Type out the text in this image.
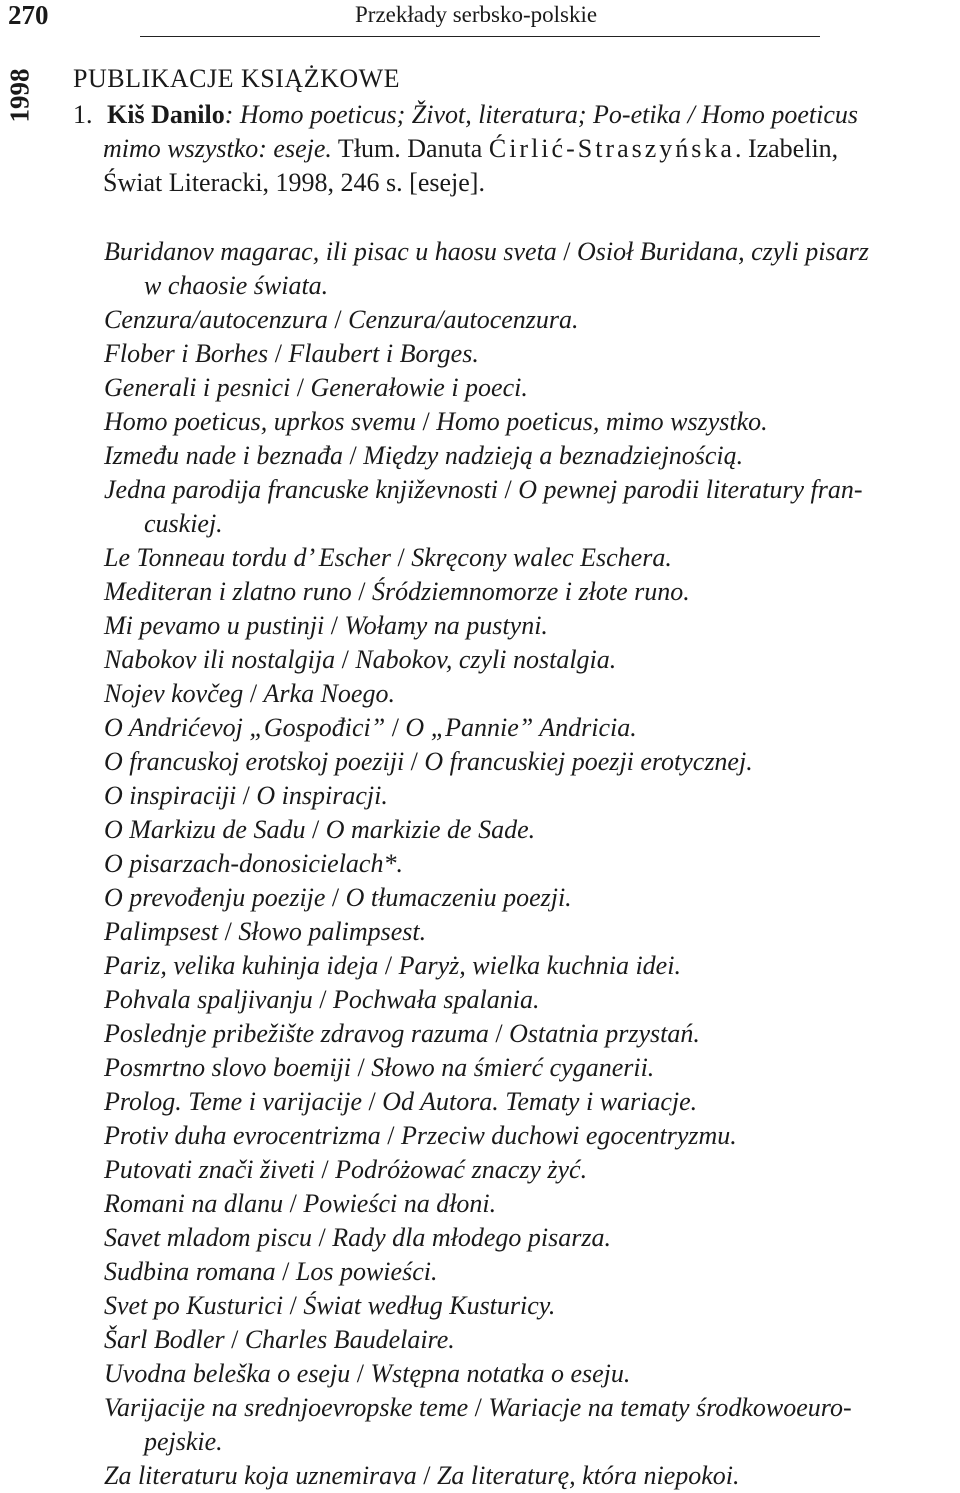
270	Przekłady serbsko-polskie
1998 PUBLIKACJE KSIĄŻKOWE
1. Kiš Danilo: Homo poeticus; Život, literatura; Po-etika / Homo poeticus
mimo wszystko: eseje. Tłum. Danuta Ćirlić-Straszyńska. Izabelin,
Świat Literacki, 1998, 246 s. [eseje].
Buridanov magarac, ili pisac u haosu sveta / Osioł Buridana, czyli pisarz
w chaosie świata.
Cenzura/autocenzura / Cenzura/autocenzura.
Flober i Borhes / Flaubert i Borges.
Generali i pesnici / Generałowie i poeci.
Homo poeticus, uprkos svemu / Homo poeticus, mimo wszystko.
Između nade i beznađa / Między nadzieją a beznadziejnością.
Jedna parodija francuske književnosti / O pewnej parodii literatury fran-
cuskiej.
Le Tonneau tordu d’ Escher / Skręcony walec Eschera.
Mediteran i zlatno runo / Śródziemnomorze i złote runo.
Mi pevamo u pustinji / Wołamy na pustyni.
Nabokov ili nostalgija / Nabokov, czyli nostalgia.
Nojev kovčeg / Arka Noego.
O Andrićevoj „Gospođici” / O „Pannie” Andricia.
O francuskoj erotskoj poeziji / O francuskiej poezji erotycznej.
O inspiraciji / O inspiracji.
O Markizu de Sadu / O markizie de Sade.
O pisarzach-donosicielach*.
O prevođenju poezije / O tłumaczeniu poezji.
Palimpsest / Słowo palimpsest.
Pariz, velika kuhinja ideja / Paryż, wielka kuchnia idei.
Pohvala spaljivanju / Pochwała spalania.
Poslednje pribežište zdravog razuma / Ostatnia przystań.
Posmrtno slovo boemiji / Słowo na śmierć cyganerii.
Prolog. Teme i varijacije / Od Autora. Tematy i wariacje.
Protiv duha evrocentrizma / Przeciw duchowi egocentryzmu.
Putovati znači živeti / Podróżować znaczy żyć.
Romani na dlanu / Powieści na dłoni.
Savet mladom piscu / Rady dla młodego pisarza.
Sudbina romana / Los powieści.
Svet po Kusturici / Świat według Kusturicy.
Šarl Bodler / Charles Baudelaire.
Uvodna beleška o eseju / Wstępna notatka o eseju.
Varijacije na srednjoevropske teme / Wariacje na tematy środkowoeuro-
pejskie.
Za literaturu koja uznemirava / Za literaturę, która niepokoi.
